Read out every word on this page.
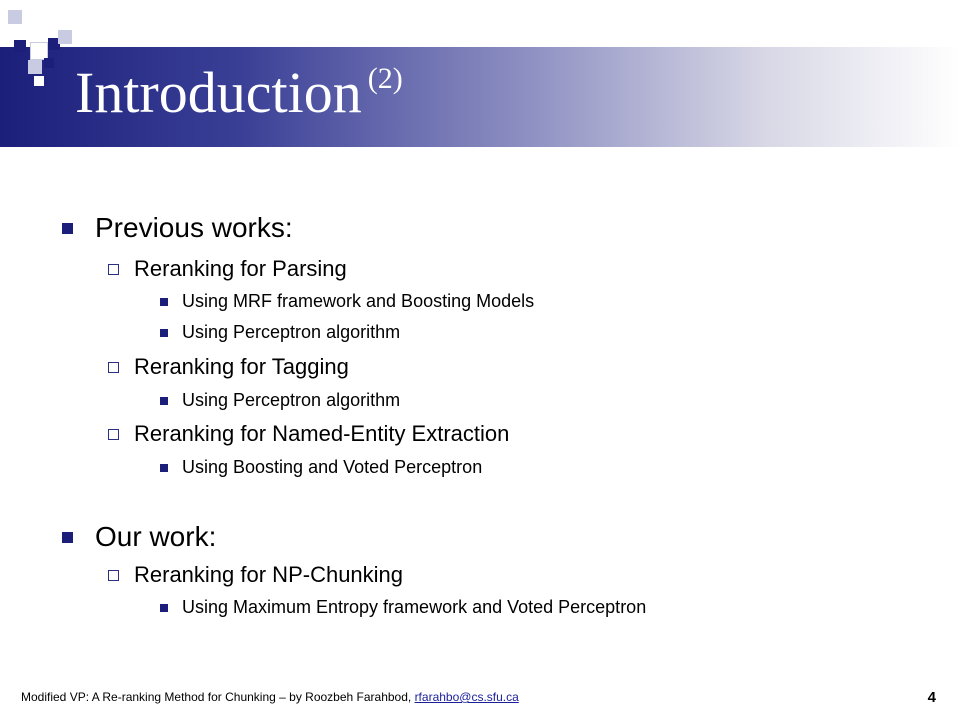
Introduction $^{(2)}$
Previous works:
Reranking for Parsing
Using MRF framework and Boosting Models
Using Perceptron algorithm
Reranking for Tagging
Using Perceptron algorithm
Reranking for Named-Entity Extraction
Using Boosting and Voted Perceptron
Our work:
Reranking for NP-Chunking
Using Maximum Entropy framework and Voted Perceptron
Modified VP: A Re-ranking Method for Chunking – by Roozbeh Farahbod, rfarahbo@cs.sfu.ca	4
